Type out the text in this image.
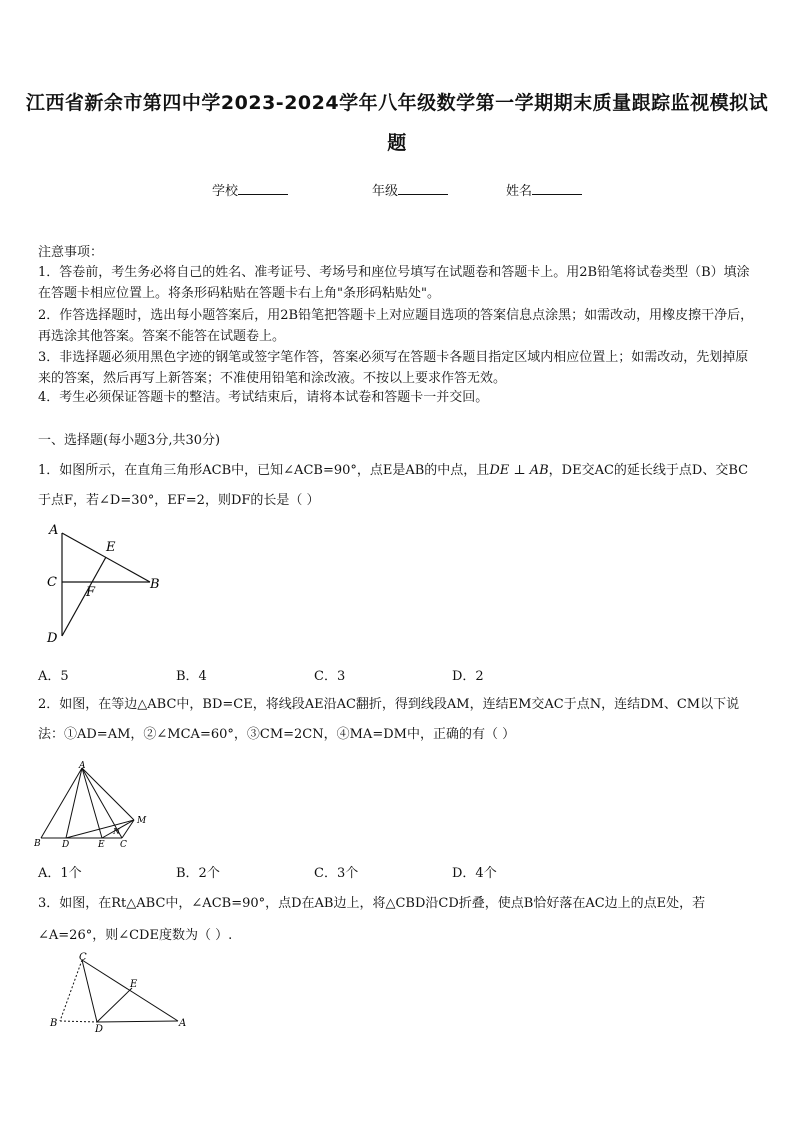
江西省新余市第四中学2023-2024学年八年级数学第一学期期末质量跟踪监视模拟试
题
学校	年级	姓名

注意事项：

1．答卷前，考生务必将自己的姓名、准考证号、考场号和座位号填写在试题卷和答题卡上。用2B铅笔将试卷类型（B）填涂在答题卡相应位置上。将条形码粘贴在答题卡右上角"条形码粘贴处"。

2．作答选择题时，选出每小题答案后，用2B铅笔把答题卡上对应题目选项的答案信息点涂黑；如需改动，用橡皮擦干净后，再选涂其他答案。答案不能答在试题卷上。

3．非选择题必须用黑色字迹的钢笔或签字笔作答，答案必须写在答题卡各题目指定区域内相应位置上；如需改动，先划掉原来的答案，然后再写上新答案；不准使用铅笔和涂改液。不按以上要求作答无效。

4．考生必须保证答题卡的整洁。考试结束后，请将本试卷和答题卡一并交回。

一、选择题(每小题3分,共30分)

1．如图所示，在直角三角形ACB中，已知∠ACB=90°，点E是AB的中点，且DE ⊥ AB，DE交AC的延长线于点D、交BC于点F，若∠D=30°，EF=2，则DF的长是（ ）

A
E
C
F
B
D
A．5	B．4	C．3	D．2

2．如图，在等边△ABC中，BD=CE，将线段AE沿AC翻折，得到线段AM，连结EM交AC于点N，连结DM、CM以下说法：①AD=AM，②∠MCA=60°，③CM=2CN，④MA=DM中，正确的有（ ）

A
B D	E
N
C
M
A．1个	B．2个	C．3个	D．4个

3．如图，在Rt△ABC中，∠ACB=90°，点D在AB边上，将△CBD沿CD折叠，使点B恰好落在AC边上的点E处，若∠A=26°，则∠CDE度数为（ ）.

C
E
B
D
A
